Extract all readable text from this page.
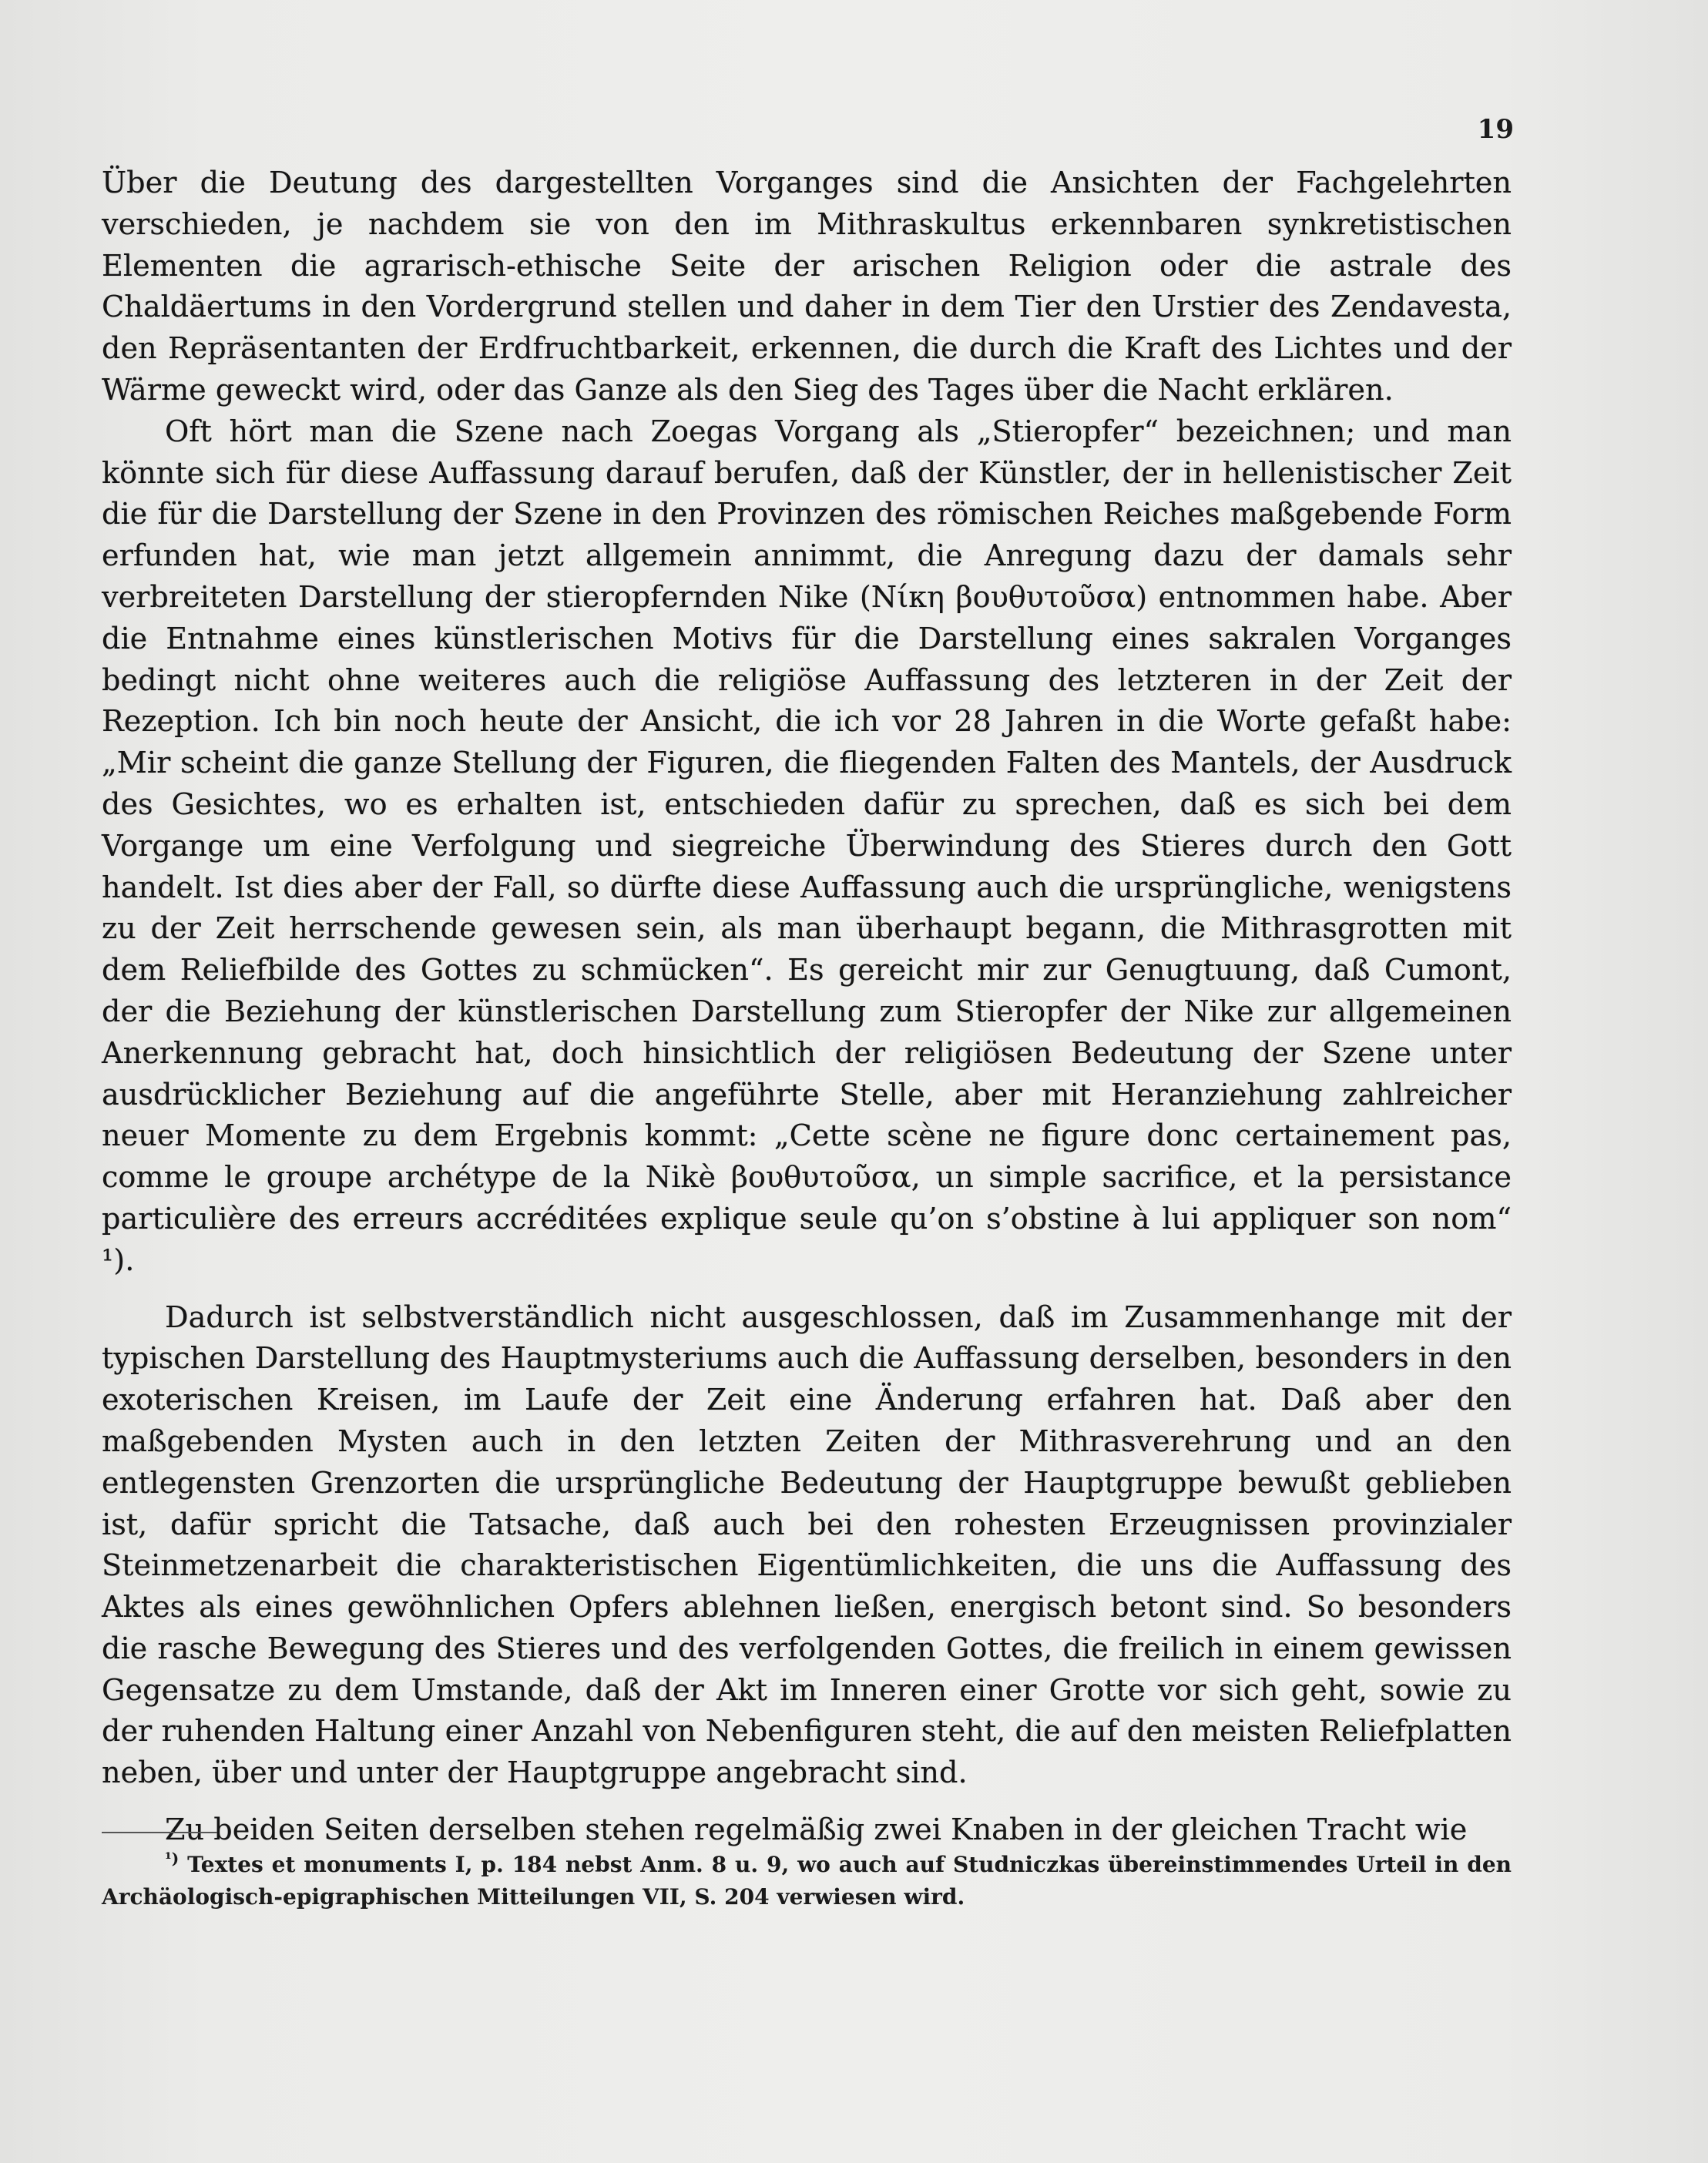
19

Über die Deutung des dargestellten Vorganges sind die Ansichten der Fachgelehrten verschieden, je nachdem sie von den im Mithraskultus erkennbaren synkretistischen Elementen die agrarisch-ethische Seite der arischen Religion oder die astrale des Chaldäertums in den Vordergrund stellen und daher in dem Tier den Urstier des Zendavesta, den Repräsentanten der Erdfruchtbarkeit, erkennen, die durch die Kraft des Lichtes und der Wärme geweckt wird, oder das Ganze als den Sieg des Tages über die Nacht erklären.

Oft hört man die Szene nach Zoegas Vorgang als „Stieropfer“ bezeichnen; und man könnte sich für diese Auffassung darauf berufen, daß der Künstler, der in hellenistischer Zeit die für die Darstellung der Szene in den Provinzen des römischen Reiches maßgebende Form erfunden hat, wie man jetzt allgemein annimmt, die Anregung dazu der damals sehr verbreiteten Darstellung der stieropfernden Nike (Νίκη βουθυτοῦσα) entnommen habe. Aber die Entnahme eines künstlerischen Motivs für die Darstellung eines sakralen Vorganges bedingt nicht ohne weiteres auch die religiöse Auffassung des letzteren in der Zeit der Rezeption. Ich bin noch heute der Ansicht, die ich vor 28 Jahren in die Worte gefaßt habe: „Mir scheint die ganze Stellung der Figuren, die fliegenden Falten des Mantels, der Ausdruck des Gesichtes, wo es erhalten ist, entschieden dafür zu sprechen, daß es sich bei dem Vorgange um eine Verfolgung und siegreiche Überwindung des Stieres durch den Gott handelt. Ist dies aber der Fall, so dürfte diese Auffassung auch die ursprüngliche, wenigstens zu der Zeit herrschende gewesen sein, als man überhaupt begann, die Mithrasgrotten mit dem Reliefbilde des Gottes zu schmücken“. Es gereicht mir zur Genugtuung, daß Cumont, der die Beziehung der künstlerischen Darstellung zum Stieropfer der Nike zur allgemeinen Anerkennung gebracht hat, doch hinsichtlich der religiösen Bedeutung der Szene unter ausdrücklicher Beziehung auf die angeführte Stelle, aber mit Heranziehung zahlreicher neuer Momente zu dem Ergebnis kommt: „Cette scène ne figure donc certainement pas, comme le groupe archétype de la Nikè βουθυτοῦσα, un simple sacrifice, et la persistance particulière des erreurs accréditées explique seule qu’on s’obstine à lui appliquer son nom“ ¹).

Dadurch ist selbstverständlich nicht ausgeschlossen, daß im Zusammenhange mit der typischen Darstellung des Hauptmysteriums auch die Auffassung derselben, besonders in den exoterischen Kreisen, im Laufe der Zeit eine Änderung erfahren hat. Daß aber den maßgebenden Mysten auch in den letzten Zeiten der Mithrasverehrung und an den entlegensten Grenzorten die ursprüngliche Bedeutung der Hauptgruppe bewußt geblieben ist, dafür spricht die Tatsache, daß auch bei den rohesten Erzeugnissen provinzialer Steinmetzenarbeit die charakteristischen Eigentümlichkeiten, die uns die Auffassung des Aktes als eines gewöhnlichen Opfers ablehnen ließen, energisch betont sind. So besonders die rasche Bewegung des Stieres und des verfolgenden Gottes, die freilich in einem gewissen Gegensatze zu dem Umstande, daß der Akt im Inneren einer Grotte vor sich geht, sowie zu der ruhenden Haltung einer Anzahl von Nebenfiguren steht, die auf den meisten Reliefplatten neben, über und unter der Hauptgruppe angebracht sind.

Zu beiden Seiten derselben stehen regelmäßig zwei Knaben in der gleichen Tracht wie

$^{^1)}$ Textes et monuments I, p. 184 nebst Anm. 8 u. 9, wo auch auf Studniczkas übereinstimmendes Urteil in den Archäologisch-epigraphischen Mitteilungen VII, S. 204 verwiesen wird.
